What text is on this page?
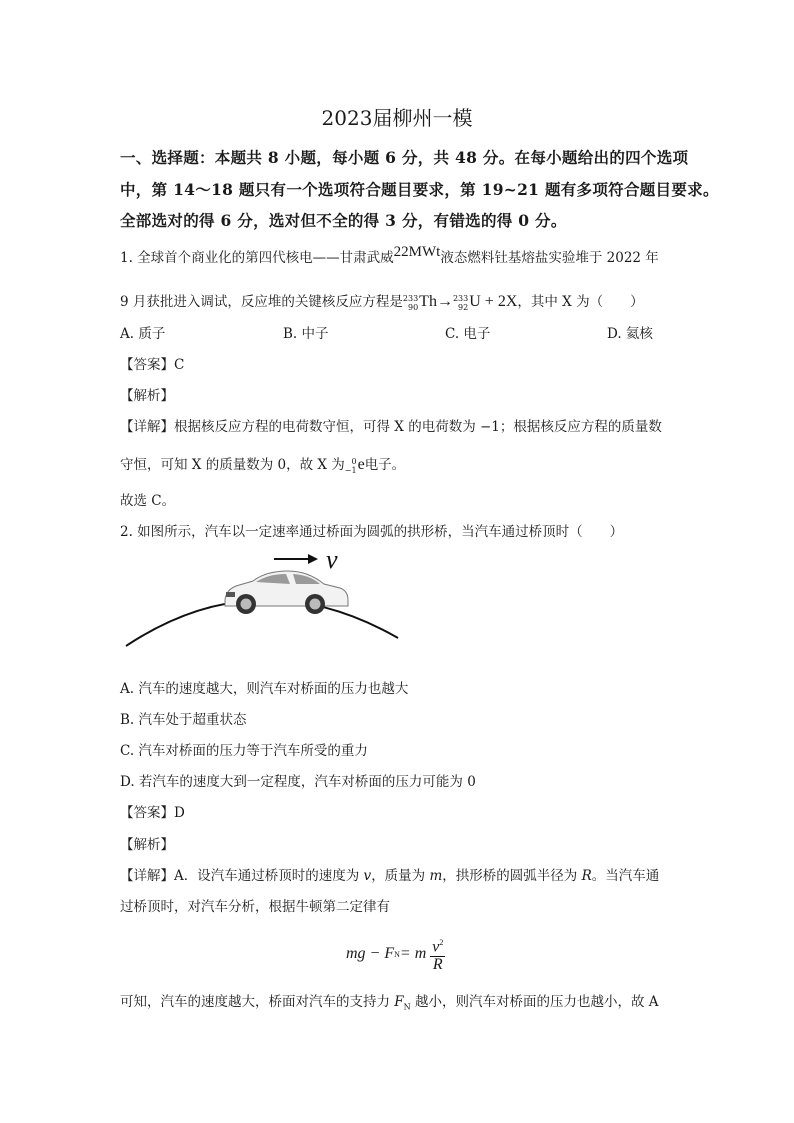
2023届柳州一模
一、选择题：本题共 8 小题，每小题 6 分，共 48 分。在每小题给出的四个选项
中，第 14～18 题只有一个选项符合题目要求，第 19~21 题有多项符合题目要求。
全部选对的得 6 分，选对但不全的得 3 分，有错选的得 0 分。
1. 全球首个商业化的第四代核电——甘肃武威22MWt液态燃料钍基熔盐实验堆于 2022 年
9 月获批进入调试，反应堆的关键核反应方程是233
90Th→233
92U + 2X，其中 X 为（　　）
A. 质子	B. 中子	C. 电子	D. 氦核
【答案】C
【解析】
【详解】根据核反应方程的电荷数守恒，可得 X 的电荷数为 −1；根据核反应方程的质量数
守恒，可知 X 的质量数为 0，故 X 为 0
−1e电子。
故选 C。
2. 如图所示，汽车以一定速率通过桥面为圆弧的拱形桥，当汽车通过桥顶时（　　）
v
A. 汽车的速度越大，则汽车对桥面的压力也越大
B. 汽车处于超重状态
C. 汽车对桥面的压力等于汽车所受的重力
D. 若汽车的速度大到一定程度，汽车对桥面的压力可能为 0
【答案】D
【解析】
【详解】A．设汽车通过桥顶时的速度为 v，质量为 m，拱形桥的圆弧半径为 R。当汽车通
过桥顶时，对汽车分析，根据牛顿第二定律有
mg − F N = m $\frac{v^2}{R}$
可知，汽车的速度越大，桥面对汽车的支持力 $F_N$ 越小，则汽车对桥面的压力也越小，故 A
